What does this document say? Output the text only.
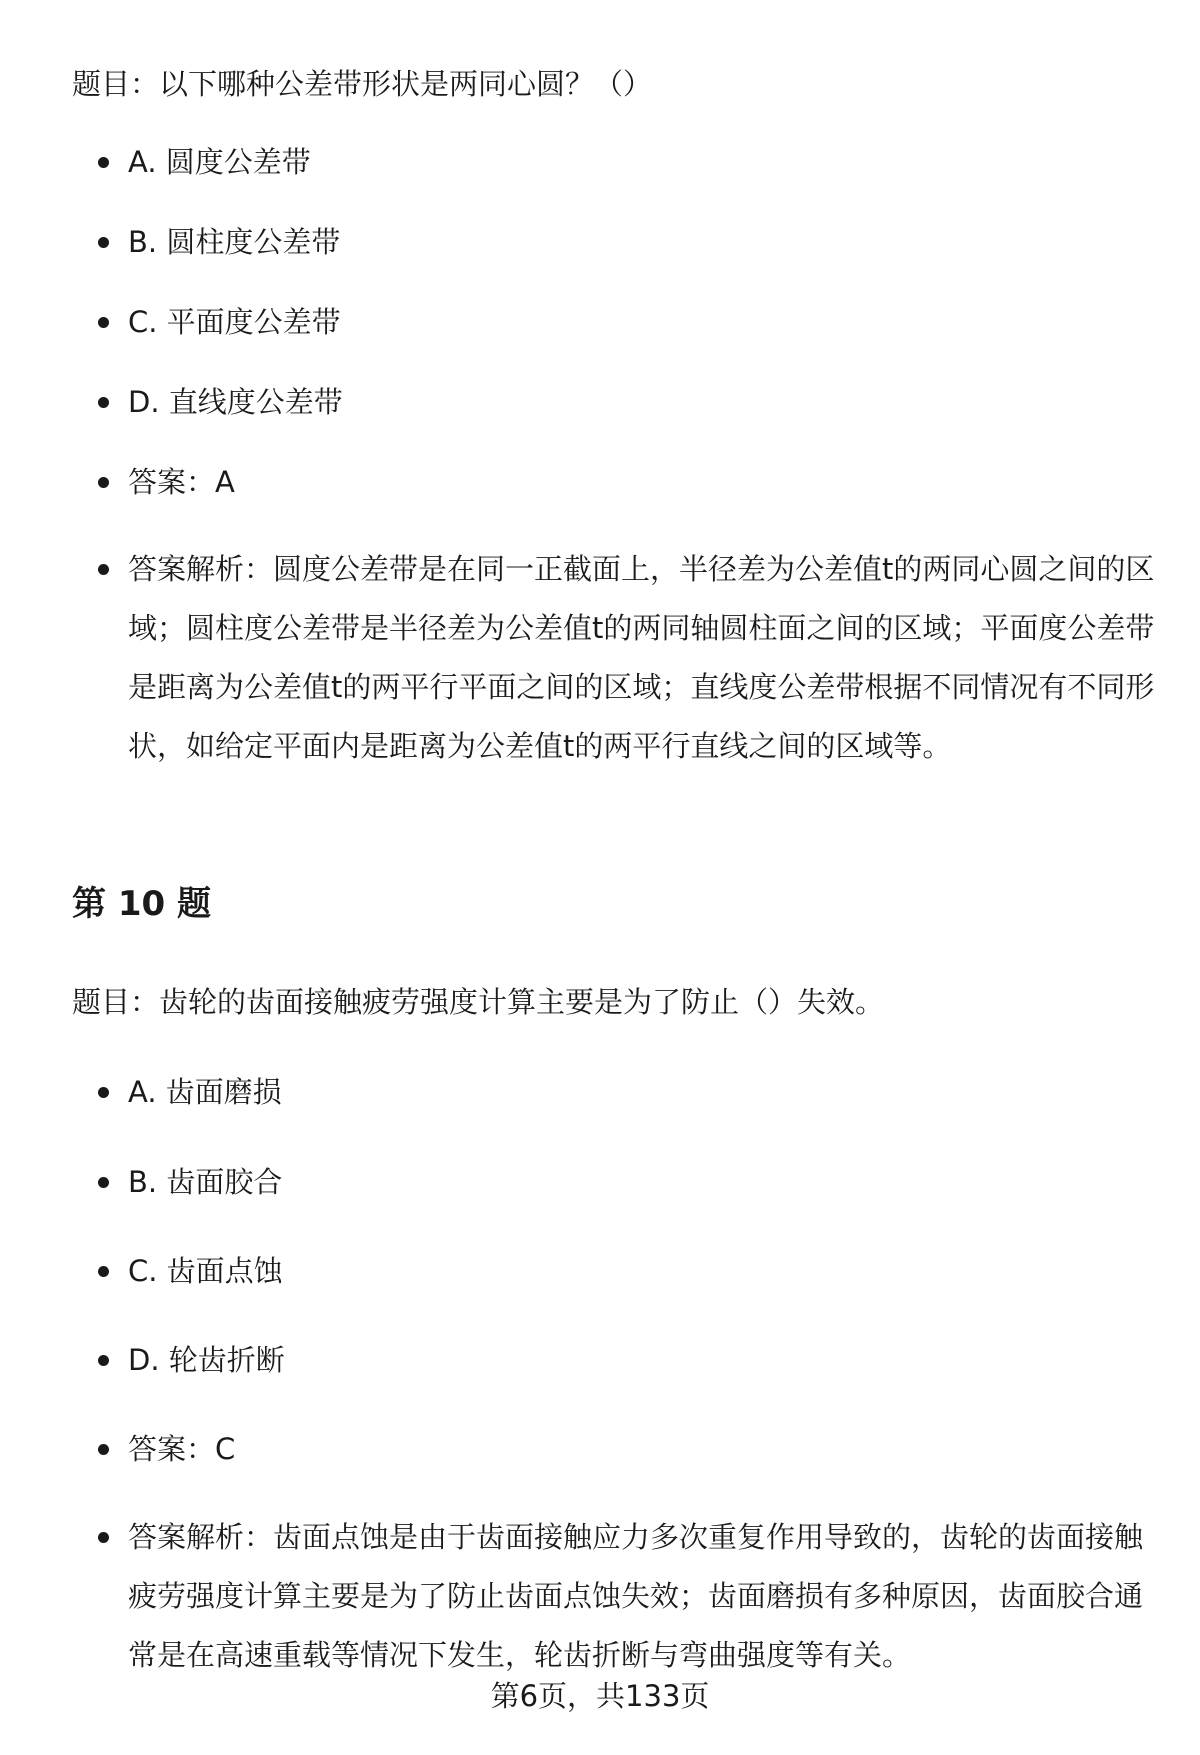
题目：以下哪种公差带形状是两同心圆？（）
A. 圆度公差带
B. 圆柱度公差带
C. 平面度公差带
D. 直线度公差带
答案：A
答案解析：圆度公差带是在同一正截面上，半径差为公差值t的两同心圆之间的区域；圆柱度公差带是半径差为公差值t的两同轴圆柱面之间的区域；平面度公差带是距离为公差值t的两平行平面之间的区域；直线度公差带根据不同情况有不同形状，如给定平面内是距离为公差值t的两平行直线之间的区域等。
第 10 题
题目：齿轮的齿面接触疲劳强度计算主要是为了防止（）失效。
A. 齿面磨损
B. 齿面胶合
C. 齿面点蚀
D. 轮齿折断
答案：C
答案解析：齿面点蚀是由于齿面接触应力多次重复作用导致的，齿轮的齿面接触疲劳强度计算主要是为了防止齿面点蚀失效；齿面磨损有多种原因，齿面胶合通常是在高速重载等情况下发生，轮齿折断与弯曲强度等有关。
第6页，共133页
